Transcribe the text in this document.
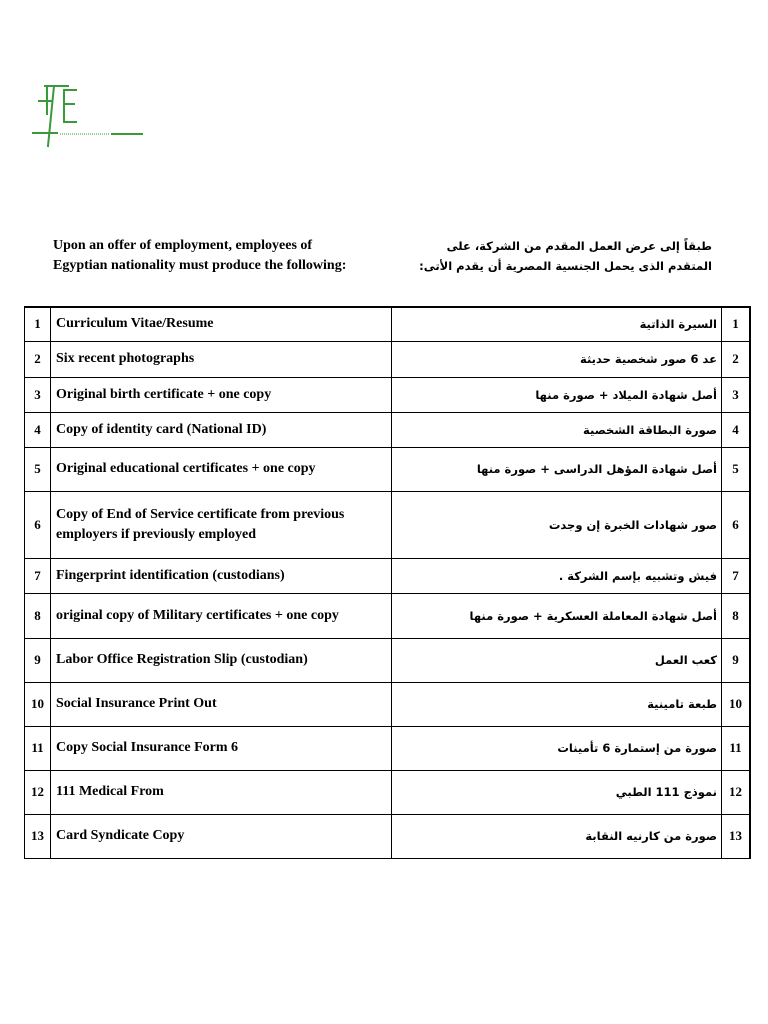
Upon an offer of employment, employees of Egyptian nationality must produce the following:
طبقاً إلى عرض العمل المقدم من الشركة، على المتقدم الذى يحمل الجنسية المصرية أن يقدم الأتى:
1	Curriculum Vitae/Resume	السيرة الذاتية	1
2	Six recent photographs	عد 6 صور شخصية حديثة	2
3	Original birth certificate + one copy	أصل شهادة الميلاد + صورة منها	3
4	Copy of identity card (National ID)	صورة البطاقة الشخصية	4
5	Original educational certificates + one copy	أصل شهادة المؤهل الدراسى + صورة منها	5
6	Copy of End of Service certificate from previous employers if previously employed	صور شهادات الخبرة إن وجدت	6
7	Fingerprint identification (custodians)	فيش وتشبيه بإسم الشركة .	7
8	original copy of Military certificates + one copy	أصل شهادة المعاملة العسكرية + صورة منها	8
9	Labor Office Registration Slip (custodian)	كعب العمل	9
10	Social Insurance Print Out	طبعة تامينية	10
11	Copy Social Insurance Form 6	صورة من إستمارة 6 تأمينات	11
12	111 Medical From	نموذج 111 الطبي	12
13	Card Syndicate Copy	صورة من كارنيه النقابة	13
